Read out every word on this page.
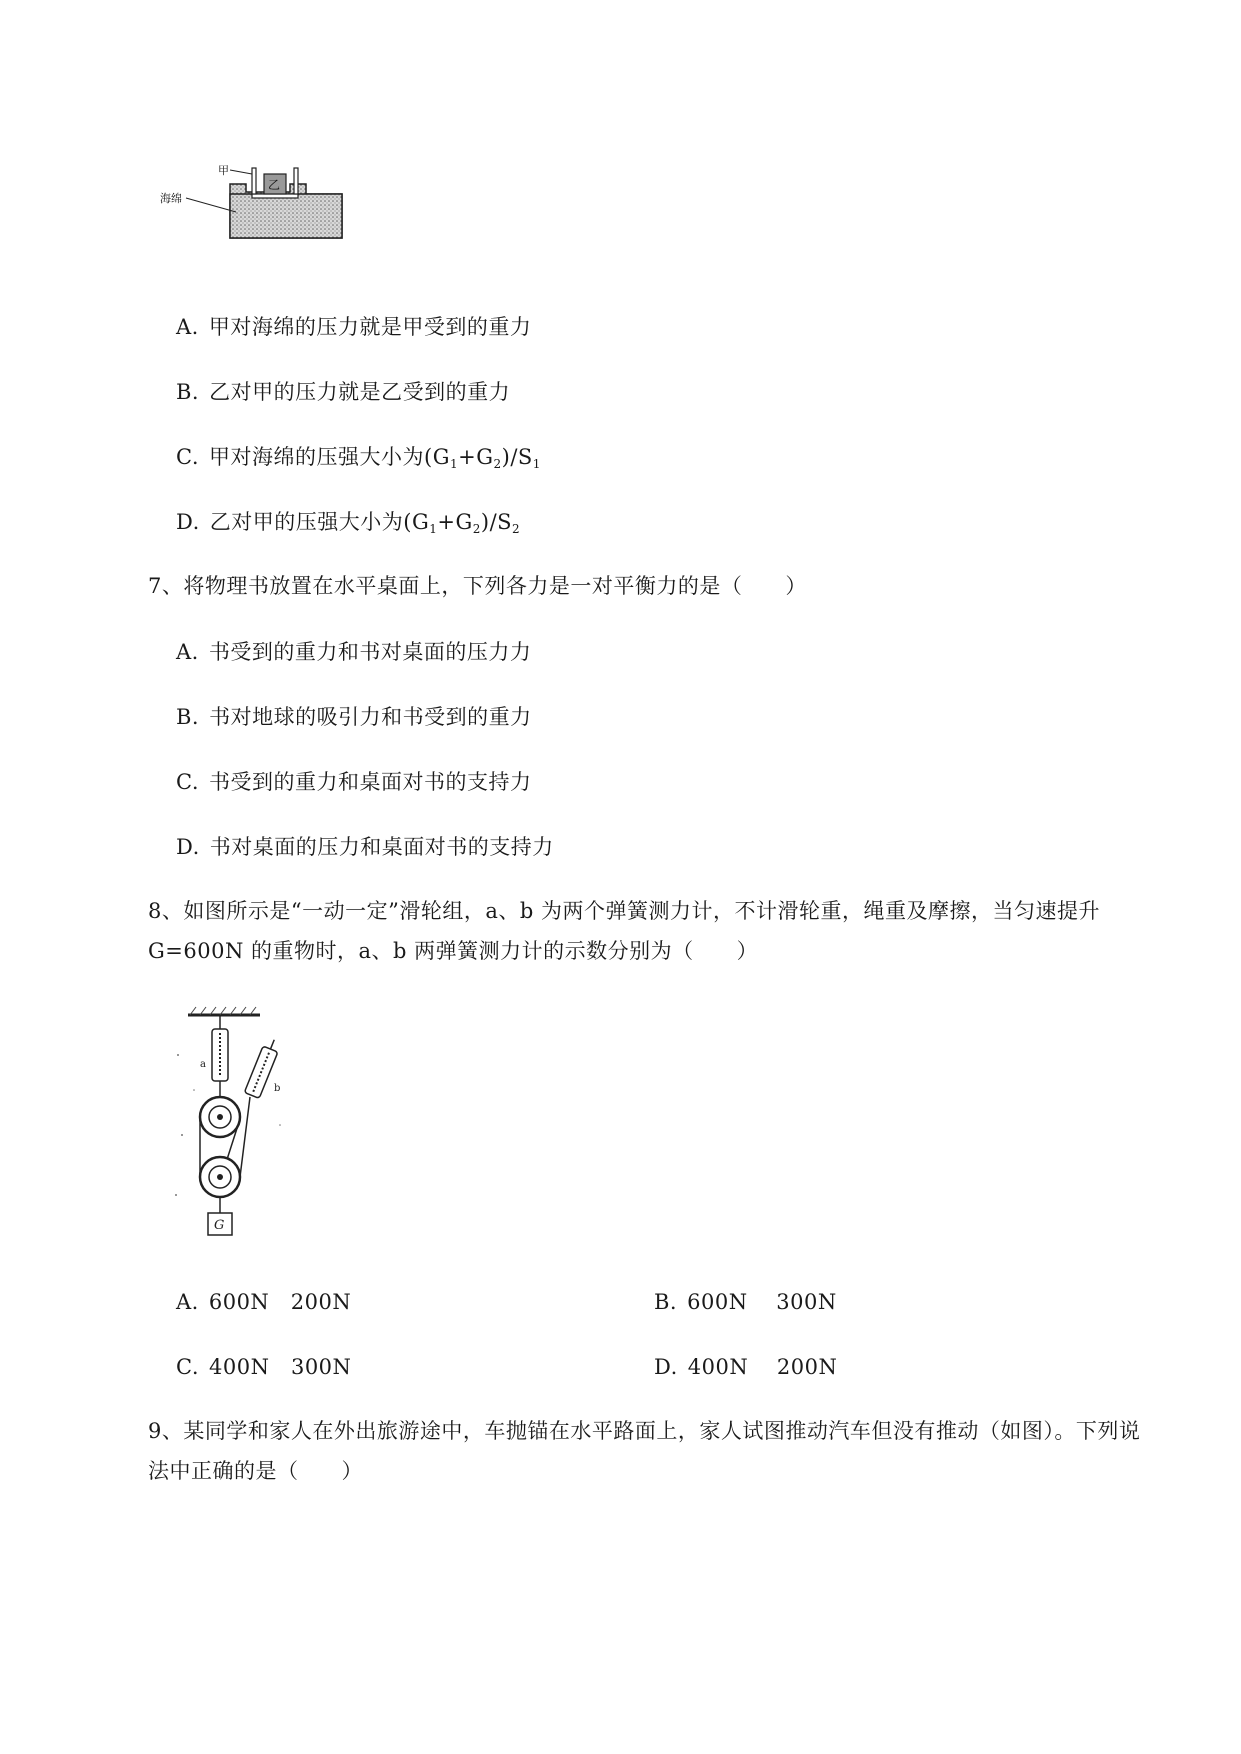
乙
甲
海绵
A. 甲对海绵的压力就是甲受到的重力
B. 乙对甲的压力就是乙受到的重力
C. 甲对海绵的压强大小为$(G_1+G_2)/S_1$
D. 乙对甲的压强大小为$(G_1+G_2)/S_2$
7、将物理书放置在水平桌面上，下列各力是一对平衡力的是（　　）
A. 书受到的重力和书对桌面的压力力
B. 书对地球的吸引力和书受到的重力
C. 书受到的重力和桌面对书的支持力
D. 书对桌面的压力和桌面对书的支持力
8、如图所示是“一动一定”滑轮组，a、b 为两个弹簧测力计，不计滑轮重，绳重及摩擦，当匀速提升 G=600N 的重物时，a、b 两弹簧测力计的示数分别为（　　）
a
b
G
A. 600N　200N	B. 600N　 300N
C. 400N　300N	D. 400N　 200N
9、某同学和家人在外出旅游途中，车抛锚在水平路面上，家人试图推动汽车但没有推动（如图）。下列说法中正确的是（　　）
